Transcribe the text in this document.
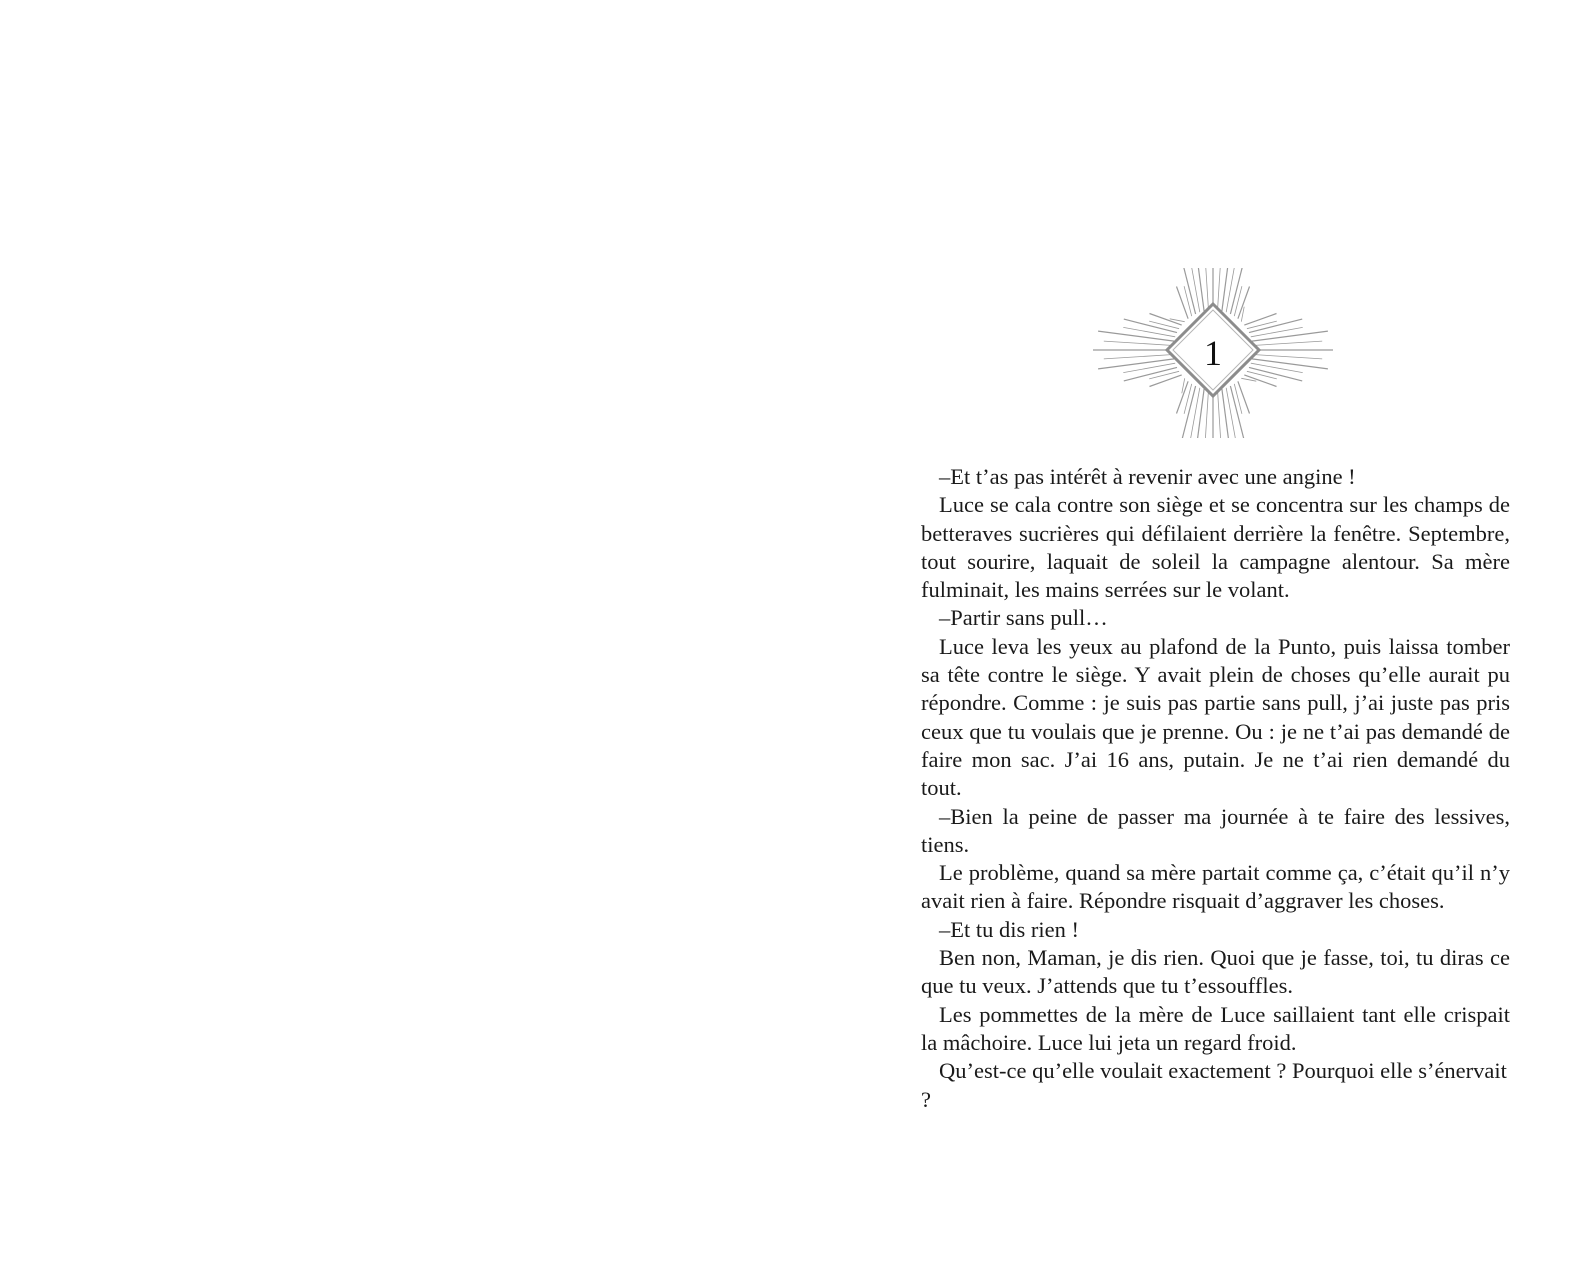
1

–Et t’as pas intérêt à revenir avec une angine !

Luce se cala contre son siège et se concentra sur les champs de betteraves sucrières qui défilaient derrière la fenêtre. Septembre, tout sourire, laquait de soleil la campagne alentour. Sa mère fulminait, les mains serrées sur le volant.

–Partir sans pull…

Luce leva les yeux au plafond de la Punto, puis laissa tomber sa tête contre le siège. Y avait plein de choses qu’elle aurait pu répondre. Comme : je suis pas partie sans pull, j’ai juste pas pris ceux que tu voulais que je prenne. Ou : je ne t’ai pas demandé de faire mon sac. J’ai 16 ans, putain. Je ne t’ai rien demandé du tout.

–Bien la peine de passer ma journée à te faire des lessives, tiens.

Le problème, quand sa mère partait comme ça, c’était qu’il n’y avait rien à faire. Répondre risquait d’aggraver les choses.

–Et tu dis rien !

Ben non, Maman, je dis rien. Quoi que je fasse, toi, tu diras ce que tu veux. J’attends que tu t’essouffles.

Les pommettes de la mère de Luce saillaient tant elle crispait la mâchoire. Luce lui jeta un regard froid.

Qu’est-ce qu’elle voulait exactement ? Pourquoi elle s’énervait ?
